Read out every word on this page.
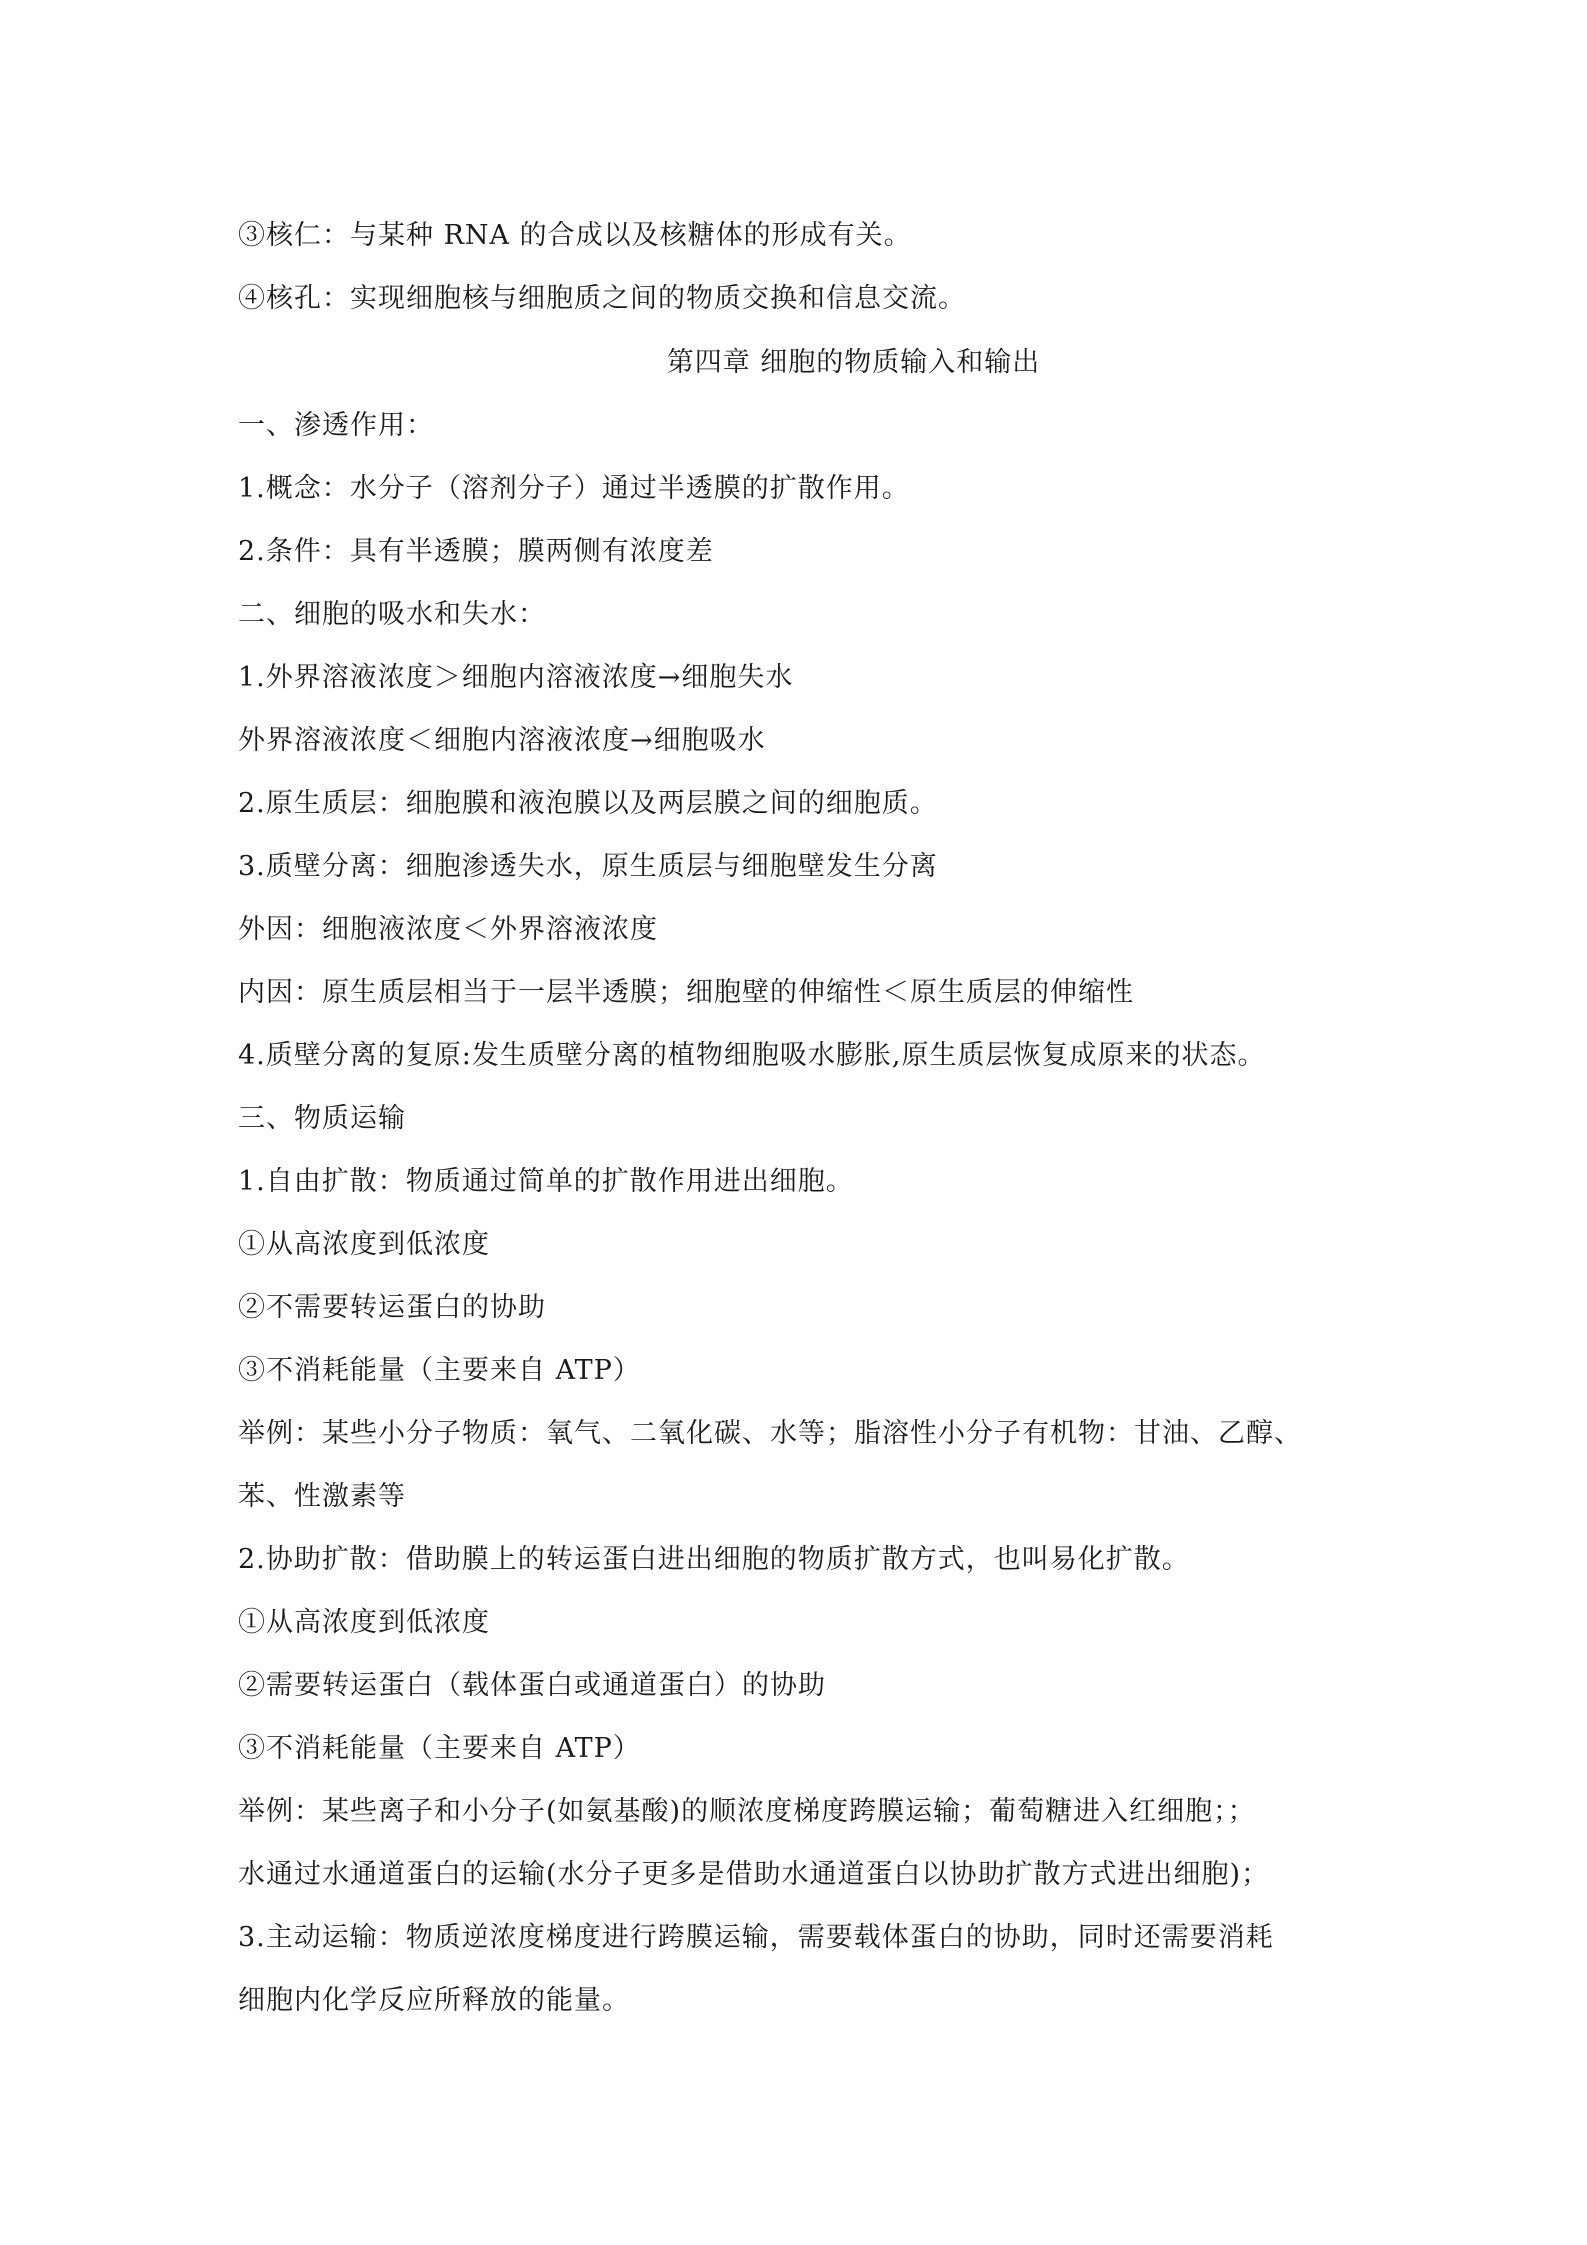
③核仁：与某种 RNA 的合成以及核糖体的形成有关。
④核孔：实现细胞核与细胞质之间的物质交换和信息交流。
第四章 细胞的物质输入和输出
一、渗透作用：
1.概念：水分子（溶剂分子）通过半透膜的扩散作用。
2.条件：具有半透膜；膜两侧有浓度差
二、细胞的吸水和失水：
1.外界溶液浓度＞细胞内溶液浓度→细胞失水
外界溶液浓度＜细胞内溶液浓度→细胞吸水
2.原生质层：细胞膜和液泡膜以及两层膜之间的细胞质。
3.质壁分离：细胞渗透失水，原生质层与细胞壁发生分离
外因：细胞液浓度＜外界溶液浓度
内因：原生质层相当于一层半透膜；细胞壁的伸缩性＜原生质层的伸缩性
4.质壁分离的复原:发生质壁分离的植物细胞吸水膨胀,原生质层恢复成原来的状态。
三、物质运输
1.自由扩散：物质通过简单的扩散作用进出细胞。
①从高浓度到低浓度
②不需要转运蛋白的协助
③不消耗能量（主要来自 ATP）
举例：某些小分子物质：氧气、二氧化碳、水等；脂溶性小分子有机物：甘油、乙醇、
苯、性激素等
2.协助扩散：借助膜上的转运蛋白进出细胞的物质扩散方式，也叫易化扩散。
①从高浓度到低浓度
②需要转运蛋白（载体蛋白或通道蛋白）的协助
③不消耗能量（主要来自 ATP）
举例：某些离子和小分子(如氨基酸)的顺浓度梯度跨膜运输；葡萄糖进入红细胞；；
水通过水通道蛋白的运输(水分子更多是借助水通道蛋白以协助扩散方式进出细胞)；
3.主动运输：物质逆浓度梯度进行跨膜运输，需要载体蛋白的协助，同时还需要消耗
细胞内化学反应所释放的能量。
